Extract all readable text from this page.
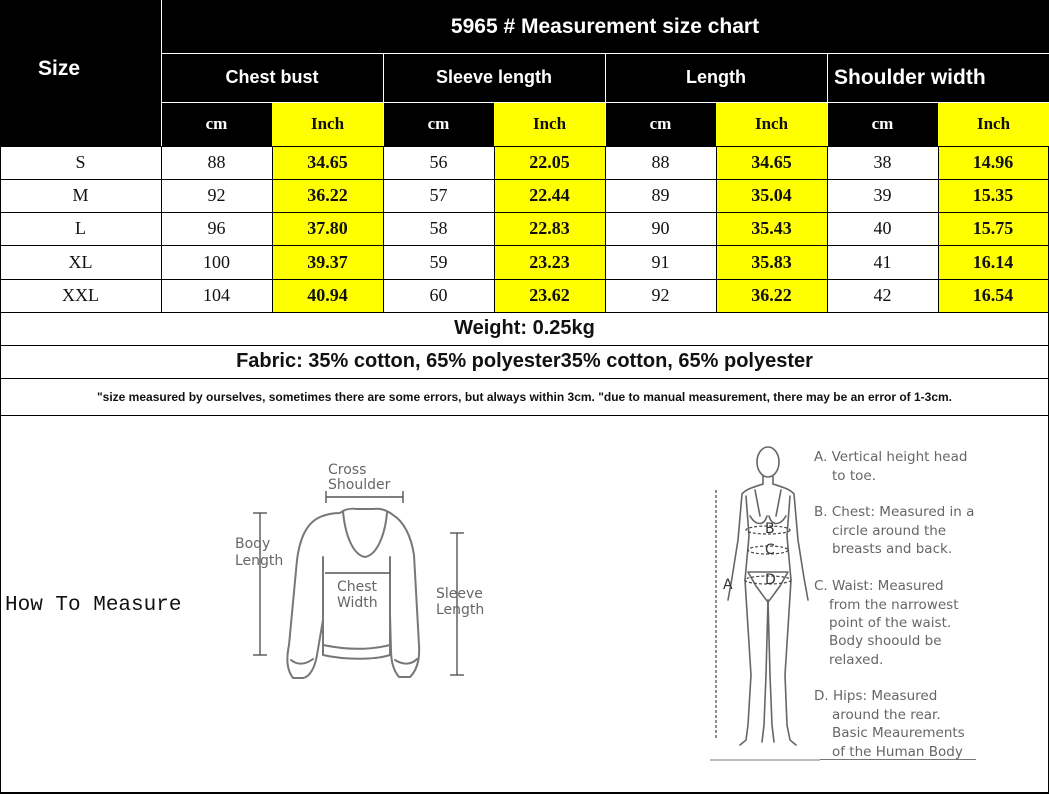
Size
5965 # Measurement size chart
Chest bust	Sleeve length	Length	Shoulder width
cm	Inch	cm	Inch	cm	Inch	cm	Inch
S	88	34.65	56	22.05	88	34.65	38	14.96
M	92	36.22	57	22.44	89	35.04	39	15.35
L	96	37.80	58	22.83	90	35.43	40	15.75
XL	100	39.37	59	23.23	91	35.83	41	16.14
XXL	104	40.94	60	23.62	92	36.22	42	16.54
Weight: 0.25kg
Fabric: 35% cotton, 65% polyester35% cotton, 65% polyester
"size measured by ourselves, sometimes there are some errors, but always within 3cm. "due to manual measurement, there may be an error of 1-3cm.
How To Measure
Cross
Shoulder
Body
Length
Chest
Width
Sleeve
Length
A
B
C
D
A. Vertical height head
to toe.
B. Chest: Measured in a
circle around the
breasts and back.
C. Waist: Measured
from the narrowest
point of the waist.
Body shoould be
relaxed.
D. Hips: Measured
around the rear.
Basic Meaurements
of the Human Body
